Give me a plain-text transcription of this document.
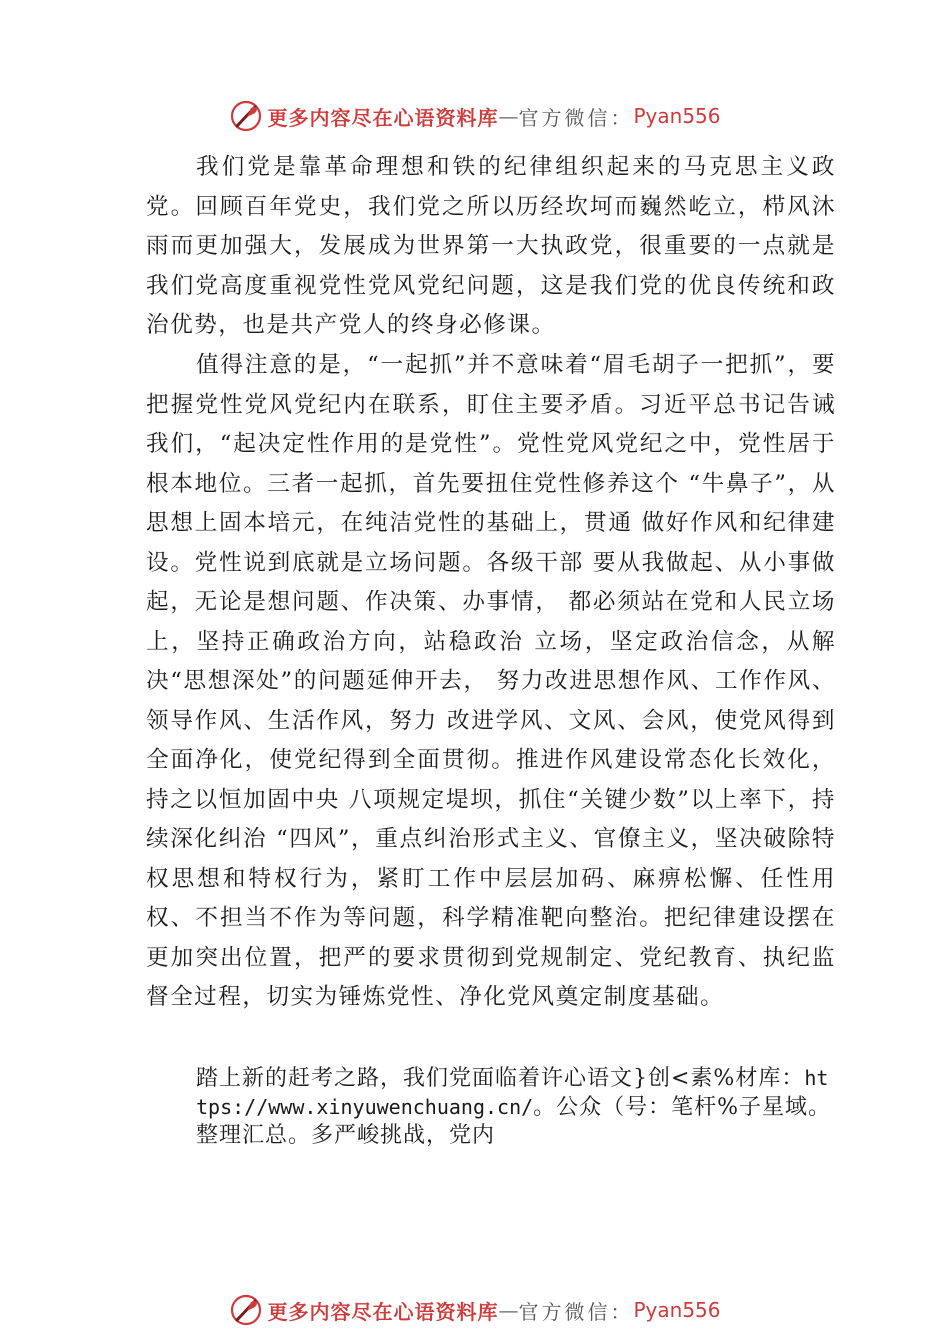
更多内容尽在心语资料库 — 官方微信： Pyan556

我们党是靠革命理想和铁的纪律组织起来的马克思主义政党。回顾百年党史，我们党之所以历经坎坷而巍然屹立，栉风沐雨而更加强大，发展成为世界第一大执政党，很重要的一点就是我们党高度重视党性党风党纪问题，这是我们党的优良传统和政治优势，也是共产党人的终身必修课。

值得注意的是，“一起抓”并不意味着“眉毛胡子一把抓”，要把握党性党风党纪内在联系，盯住主要矛盾。习近平总书记告诫我们，“起决定性作用的是党性”。党性党风党纪之中，党性居于根本地位。三者一起抓，首先要扭住党性修养这个 “牛鼻子”，从思想上固本培元，在纯洁党性的基础上，贯通 做好作风和纪律建设。党性说到底就是立场问题。各级干部 要从我做起、从小事做起，无论是想问题、作决策、办事情， 都必须站在党和人民立场上，坚持正确政治方向，站稳政治 立场，坚定政治信念，从解决“思想深处”的问题延伸开去， 努力改进思想作风、工作作风、领导作风、生活作风，努力 改进学风、文风、会风，使党风得到全面净化，使党纪得到全面贯彻。推进作风建设常态化长效化，持之以恒加固中央 八项规定堤坝，抓住“关键少数”以上率下，持续深化纠治 “四风”，重点纠治形式主义、官僚主义，坚决破除特权思想和特权行为，紧盯工作中层层加码、麻痹松懈、任性用权、不担当不作为等问题，科学精准靶向整治。把纪律建设摆在 更加突出位置，把严的要求贯彻到党规制定、党纪教育、执纪监督全过程，切实为锤炼党性、净化党风奠定制度基础。

踏上新的赶考之路，我们党面临着许心语文}创<素%材库：https://www.xinyuwenchuang.cn/。公众（号：笔杆%子星域。整理汇总。多严峻挑战，党内

更多内容尽在心语资料库 — 官方微信： Pyan556
